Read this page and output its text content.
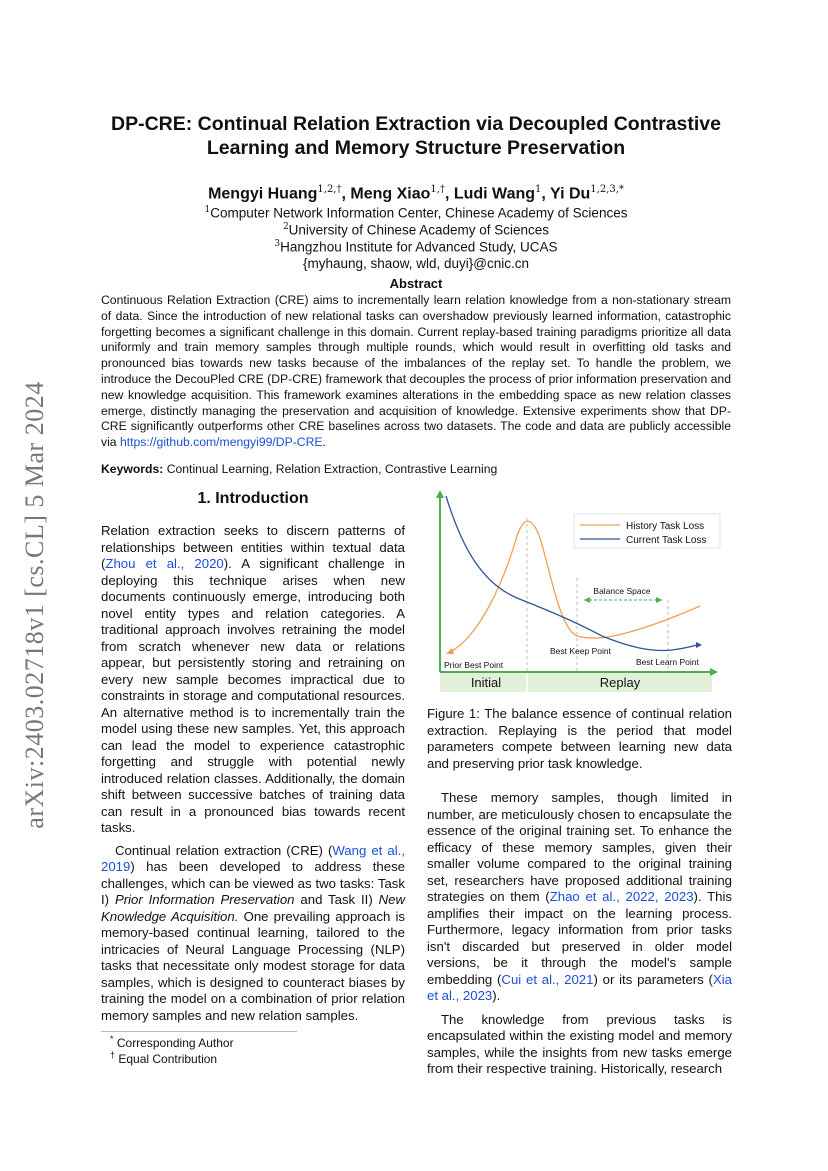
arXiv:2403.02718v1 [cs.CL] 5 Mar 2024
DP-CRE: Continual Relation Extraction via Decoupled Contrastive
Learning and Memory Structure Preservation
Mengyi Huang$^{1,2,\dagger}$, Meng Xiao$^{1,\dagger}$, Ludi Wang$^1$, Yi $Du^{1,2,3,*}$
$^1$Computer Network Information Center, Chinese Academy of Sciences
$^2$University of Chinese Academy of Sciences
$^3$Hangzhou Institute for Advanced Study, UCAS
{myhaung, shaow, wld, duyi}@cnic.cn
Abstract
Continuous Relation Extraction (CRE) aims to incrementally learn relation knowledge from a non-stationary stream of data. Since the introduction of new relational tasks can overshadow previously learned information, catastrophic forgetting becomes a significant challenge in this domain. Current replay-based training paradigms prioritize all data uniformly and train memory samples through multiple rounds, which would result in overfitting old tasks and pronounced bias towards new tasks because of the imbalances of the replay set. To handle the problem, we introduce the DecouPled CRE (DP-CRE) framework that decouples the process of prior information preservation and new knowledge acquisition. This framework examines alterations in the embedding space as new relation classes emerge, distinctly managing the preservation and acquisition of knowledge. Extensive experiments show that DP-CRE significantly outperforms other CRE baselines across two datasets. The code and data are publicly accessible via https://github.com/mengyi99/DP-CRE.
Keywords: Continual Learning, Relation Extraction, Contrastive Learning
1. Introduction

Relation extraction seeks to discern patterns of relationships between entities within textual data (Zhou et al., 2020). A significant challenge in deploying this technique arises when new documents continuously emerge, introducing both novel entity types and relation categories. A traditional approach involves retraining the model from scratch whenever new data or relations appear, but persistently storing and retraining on every new sample becomes impractical due to constraints in storage and computational resources. An alternative method is to incrementally train the model using these new samples. Yet, this approach can lead the model to experience catastrophic forgetting and struggle with potential newly introduced relation classes. Additionally, the domain shift between successive batches of training data can result in a pronounced bias towards recent tasks.

Continual relation extraction (CRE) (Wang et al., 2019) has been developed to address these challenges, which can be viewed as two tasks: Task I) Prior Information Preservation and Task II) New Knowledge Acquisition. One prevailing approach is memory-based continual learning, tailored to the intricacies of Neural Language Processing (NLP) tasks that necessitate only modest storage for data samples, which is designed to counteract biases by training the model on a combination of prior relation memory samples and new relation samples.

* Corresponding Author
† Equal Contribution
Initial	Replay
Balance Space
History Task Loss
Current Task Loss
Best Keep Point
Prior Best Point	Best Learn Point
Figure 1: The balance essence of continual relation extraction. Replaying is the period that model parameters compete between learning new data and preserving prior task knowledge.

These memory samples, though limited in number, are meticulously chosen to encapsulate the essence of the original training set. To enhance the efficacy of these memory samples, given their smaller volume compared to the original training set, researchers have proposed additional training strategies on them (Zhao et al., 2022, 2023). This amplifies their impact on the learning process. Furthermore, legacy information from prior tasks isn't discarded but preserved in older model versions, be it through the model's sample embedding (Cui et al., 2021) or its parameters (Xia et al., 2023).

The knowledge from previous tasks is encapsulated within the existing model and memory samples, while the insights from new tasks emerge from their respective training. Historically, research
